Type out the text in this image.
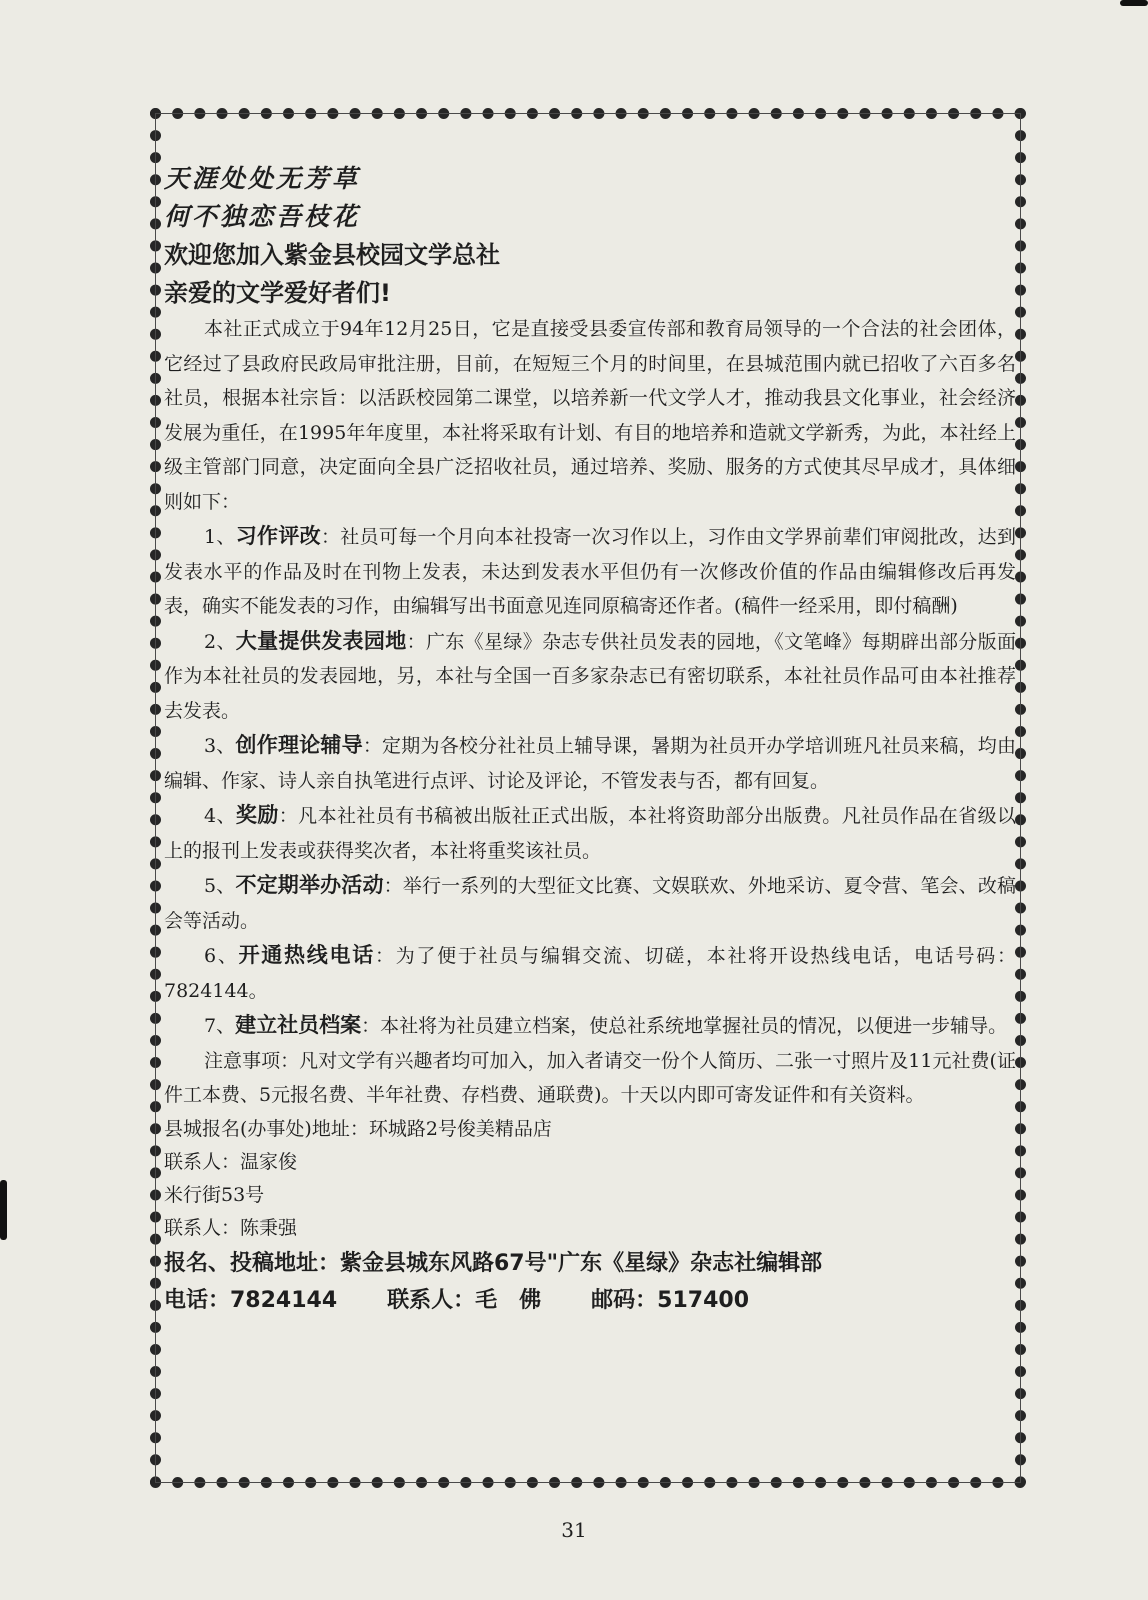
天涯处处无芳草
何不独恋吾枝花
欢迎您加入紫金县校园文学总社
亲爱的文学爱好者们!

本社正式成立于94年12月25日，它是直接受县委宣传部和教育局领导的一个合法的社会团体，它经过了县政府民政局审批注册，目前，在短短三个月的时间里，在县城范围内就已招收了六百多名社员，根据本社宗旨：以活跃校园第二课堂，以培养新一代文学人才，推动我县文化事业，社会经济发展为重任，在1995年年度里，本社将采取有计划、有目的地培养和造就文学新秀，为此，本社经上级主管部门同意，决定面向全县广泛招收社员，通过培养、奖励、服务的方式使其尽早成才，具体细则如下：

1、习作评改：社员可每一个月向本社投寄一次习作以上，习作由文学界前辈们审阅批改，达到发表水平的作品及时在刊物上发表，未达到发表水平但仍有一次修改价值的作品由编辑修改后再发表，确实不能发表的习作，由编辑写出书面意见连同原稿寄还作者。(稿件一经采用，即付稿酬)

2、大量提供发表园地：广东《星绿》杂志专供社员发表的园地，《文笔峰》每期辟出部分版面作为本社社员的发表园地，另，本社与全国一百多家杂志已有密切联系，本社社员作品可由本社推荐去发表。

3、创作理论辅导：定期为各校分社社员上辅导课，暑期为社员开办学培训班凡社员来稿，均由编辑、作家、诗人亲自执笔进行点评、讨论及评论，不管发表与否，都有回复。

4、奖励：凡本社社员有书稿被出版社正式出版，本社将资助部分出版费。凡社员作品在省级以上的报刊上发表或获得奖次者，本社将重奖该社员。

5、不定期举办活动：举行一系列的大型征文比赛、文娱联欢、外地采访、夏令营、笔会、改稿会等活动。

6、开通热线电话：为了便于社员与编辑交流、切磋，本社将开设热线电话，电话号码：7824144。

7、建立社员档案：本社将为社员建立档案，使总社系统地掌握社员的情况，以便进一步辅导。

注意事项：凡对文学有兴趣者均可加入，加入者请交一份个人简历、二张一寸照片及11元社费(证件工本费、5元报名费、半年社费、存档费、通联费)。十天以内即可寄发证件和有关资料。

县城报名(办事处)地址：环城路2号俊美精品店

联系人：温家俊

米行街53号

联系人：陈秉强

报名、投稿地址：紫金县城东风路67号"广东《星绿》杂志社编辑部

电话：7824144 联系人：毛　佛 邮码：517400

31
